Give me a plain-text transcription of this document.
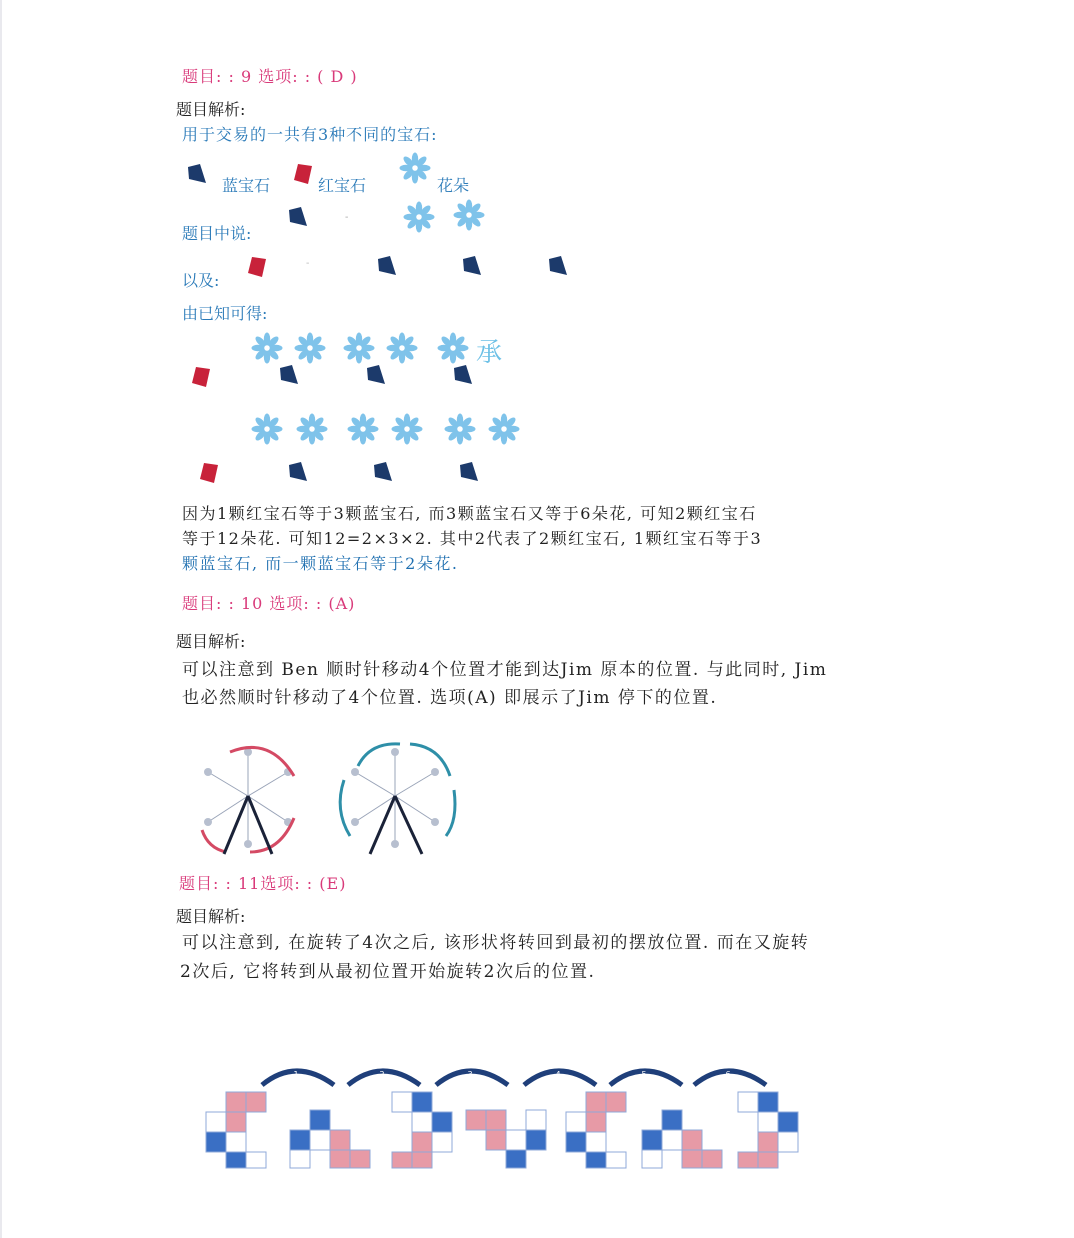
题目: : 9 选项: : ( D )
题目解析:
用于交易的一共有3种不同的宝石:
蓝宝石	红宝石	花朵
题目中说:
-
以及:
-
由已知可得:
承
因为1颗红宝石等于3颗蓝宝石, 而3颗蓝宝石又等于6朵花, 可知2颗红宝石
等于12朵花. 可知12=2×3×2. 其中2代表了2颗红宝石, 1颗红宝石等于3
颗蓝宝石, 而一颗蓝宝石等于2朵花.
题目: : 10 选项: : (A)
题目解析:
可以注意到 Ben 顺时针移动4个位置才能到达Jim 原本的位置. 与此同时, Jim
也必然顺时针移动了4个位置. 选项(A) 即展示了Jim 停下的位置.
题目: : 11选项: : (E)
题目解析:
可以注意到, 在旋转了4次之后, 该形状将转回到最初的摆放位置. 而在又旋转
2次后, 它将转到从最初位置开始旋转2次后的位置.
1	2	3	4	5	6
